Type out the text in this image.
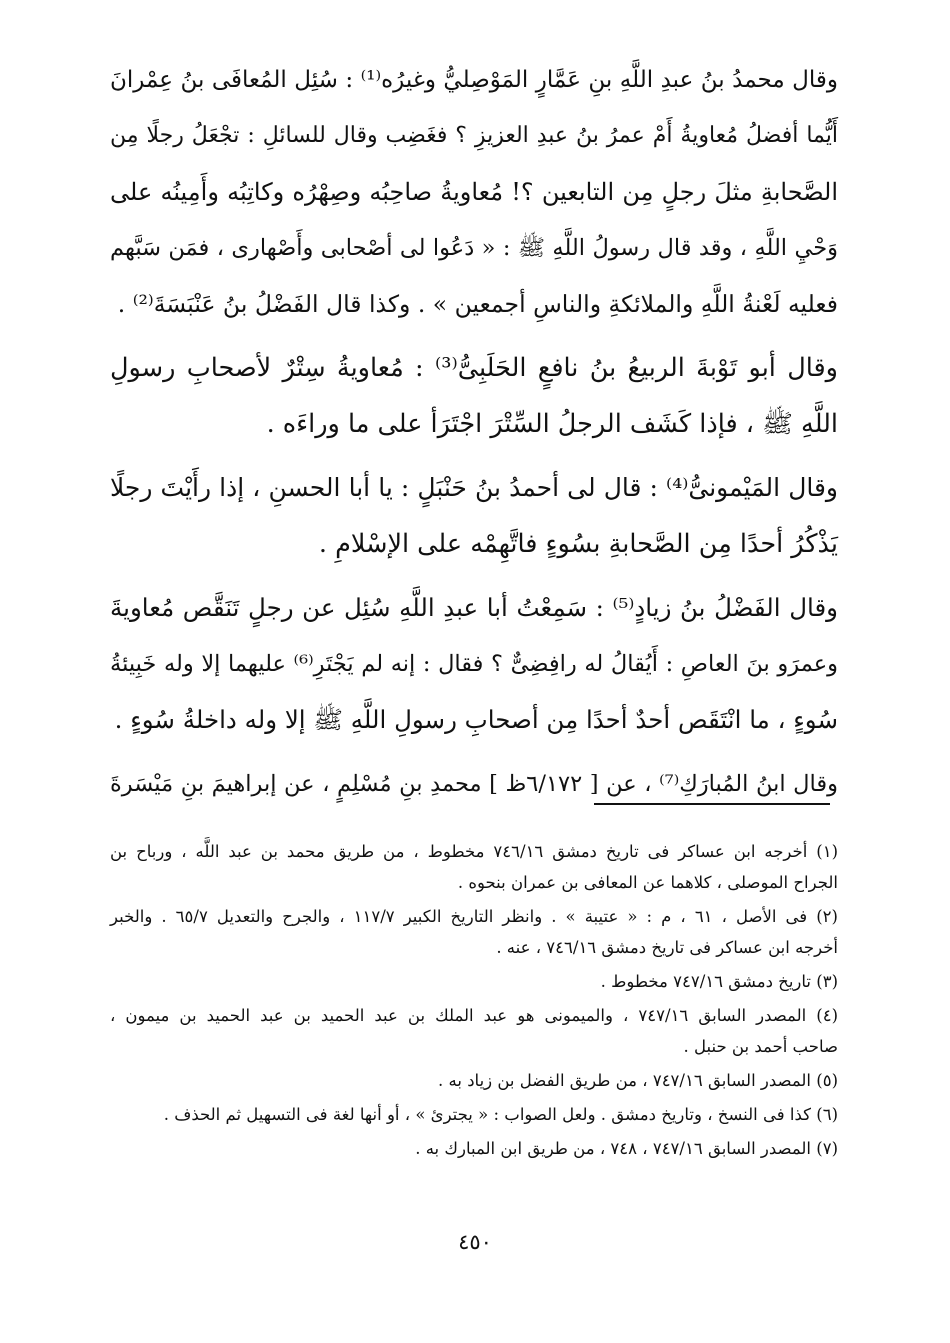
وقال محمدُ بنُ عبدِ اللَّهِ بنِ عَمَّارٍ المَوْصِليُّ وغيرُه⁽¹⁾ : سُئِل المُعافَى بنُ عِمْرانَ
أَيُّما أفضلُ مُعاويةُ أَمْ عمرُ بنُ عبدِ العزيزِ ؟ فغَضِب وقال للسائلِ : تجْعَلُ رجلًا مِن
الصَّحابةِ مثلَ رجلٍ مِن التابعين ؟! مُعاويةُ صاحِبُه وصِهْرُه وكاتِبُه وأَمِينُه على
وَحْيِ اللَّهِ ، وقد قال رسولُ اللَّهِ ﷺ : « دَعُوا لى أصْحابى وأَصْهارى ، فمَن سَبَّهم
فعليه لَعْنةُ اللَّهِ والملائكةِ والناسِ أجمعين » . وكذا قال الفَضْلُ بنُ عَنْبَسَةَ⁽²⁾ .

وقال أبو تَوْبةَ الربيعُ بنُ نافعٍ الحَلَبِىُّ⁽³⁾ : مُعاويةُ سِتْرٌ لأصحابِ رسولِ
اللَّهِ ﷺ ، فإذا كَشَف الرجلُ السِّتْرَ اجْتَرَأ على ما وراءَه .

وقال المَيْمونىُّ⁽⁴⁾ : قال لى أحمدُ بنُ حَنْبَلٍ : يا أبا الحسنِ ، إذا رأَيْتَ رجلًا
يَذْكُرُ أحدًا مِن الصَّحابةِ بسُوءٍ فاتَّهِمْه على الإسْلامِ .

وقال الفَضْلُ بنُ زيادٍ⁽⁵⁾ : سَمِعْتُ أبا عبدِ اللَّهِ سُئِل عن رجلٍ تَنَقَّص مُعاويةَ
وعمرَو بنَ العاصِ : أَيُقالُ له رافِضِىٌّ ؟ فقال : إنه لم يَجْتَرِ⁽⁶⁾ عليهما إلا وله خَبِيئةُ
سُوءٍ ، ما انْتَقَص أحدٌ أحدًا مِن أصحابِ رسولِ اللَّهِ ﷺ إلا وله داخلةُ سُوءٍ .

وقال ابنُ المُبارَكِ⁽⁷⁾ ، عن [ ٦/١٧٢ظ ] محمدِ بنِ مُسْلِمٍ ، عن إبراهيمَ بنِ مَيْسَرةَ

(١) أخرجه ابن عساكر فى تاريخ دمشق ٧٤٦/١٦ مخطوط ، من طريق محمد بن عبد اللَّه ، ورباح بن
الجراح الموصلى ، كلاهما عن المعافى بن عمران بنحوه .
(٢) فى الأصل ، ٦١ ، م : « عتيبة » . وانظر التاريخ الكبير ١١٧/٧ ، والجرح والتعديل ٦٥/٧ . والخبر
أخرجه ابن عساكر فى تاريخ دمشق ٧٤٦/١٦ ، عنه .
(٣) تاريخ دمشق ٧٤٧/١٦ مخطوط .
(٤) المصدر السابق ٧٤٧/١٦ ، والميمونى هو عبد الملك بن عبد الحميد بن عبد الحميد بن ميمون ،
صاحب أحمد بن حنبل .
(٥) المصدر السابق ٧٤٧/١٦ ، من طريق الفضل بن زياد به .
(٦) كذا فى النسخ ، وتاريخ دمشق . ولعل الصواب : « يجترئ » ، أو أنها لغة فى التسهيل ثم الحذف .
(٧) المصدر السابق ٧٤٧/١٦ ، ٧٤٨ ، من طريق ابن المبارك به .
٤٥٠
